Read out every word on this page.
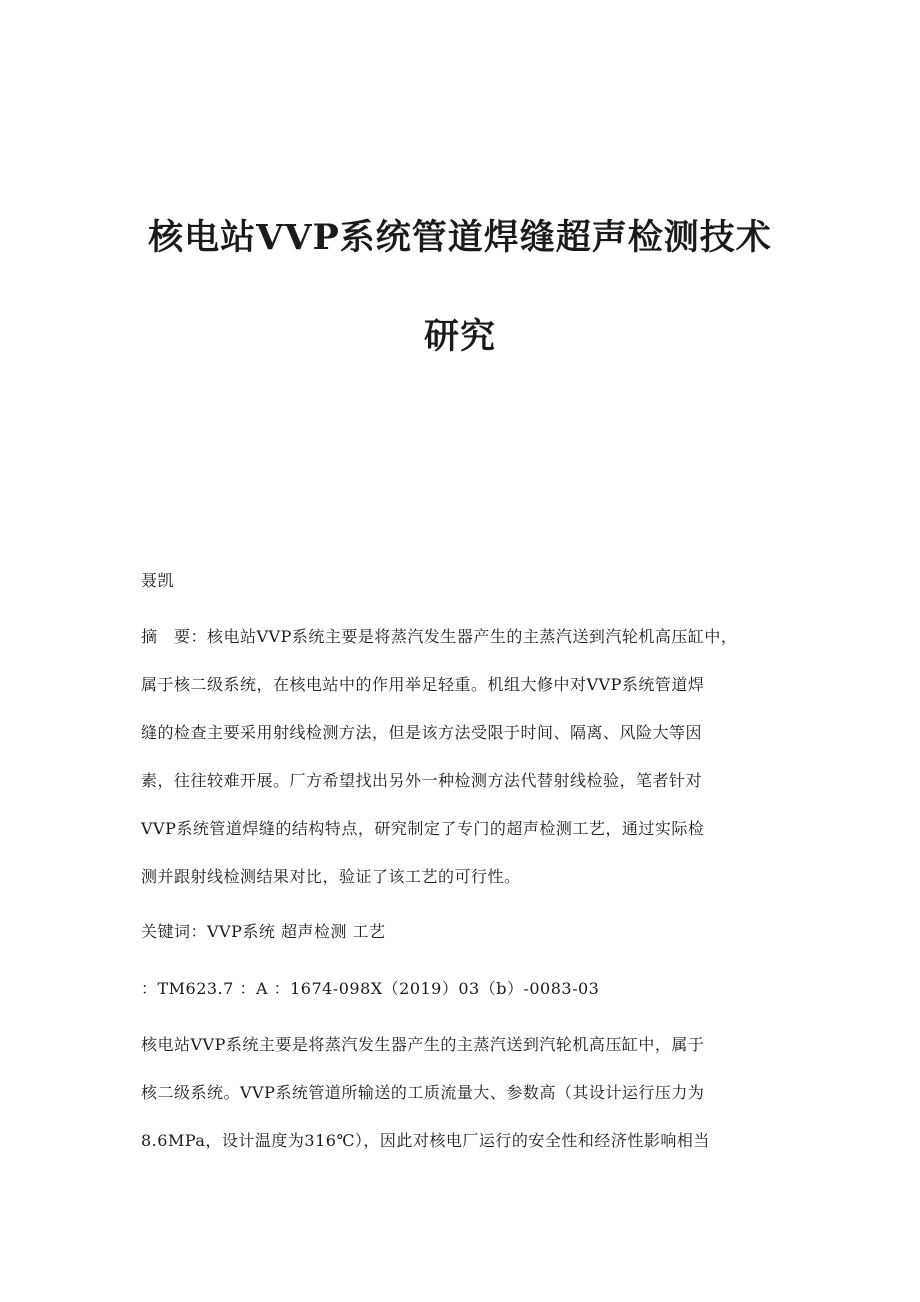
核电站VVP系统管道焊缝超声检测技术
研究
聂凯
摘　要：核电站VVP系统主要是将蒸汽发生器产生的主蒸汽送到汽轮机高压缸中，
属于核二级系统，在核电站中的作用举足轻重。机组大修中对VVP系统管道焊
缝的检查主要采用射线检测方法，但是该方法受限于时间、隔离、风险大等因
素，往往较难开展。厂方希望找出另外一种检测方法代替射线检验，笔者针对
VVP系统管道焊缝的结构特点，研究制定了专门的超声检测工艺，通过实际检
测并跟射线检测结果对比，验证了该工艺的可行性。
关键词：VVP系统 超声检测 工艺
：TM623.7 ：A ：1674-098X（2019）03（b）-0083-03
核电站VVP系统主要是将蒸汽发生器产生的主蒸汽送到汽轮机高压缸中，属于
核二级系统。VVP系统管道所输送的工质流量大、参数高（其设计运行压力为
8.6MPa，设计温度为316℃），因此对核电厂运行的安全性和经济性影响相当
